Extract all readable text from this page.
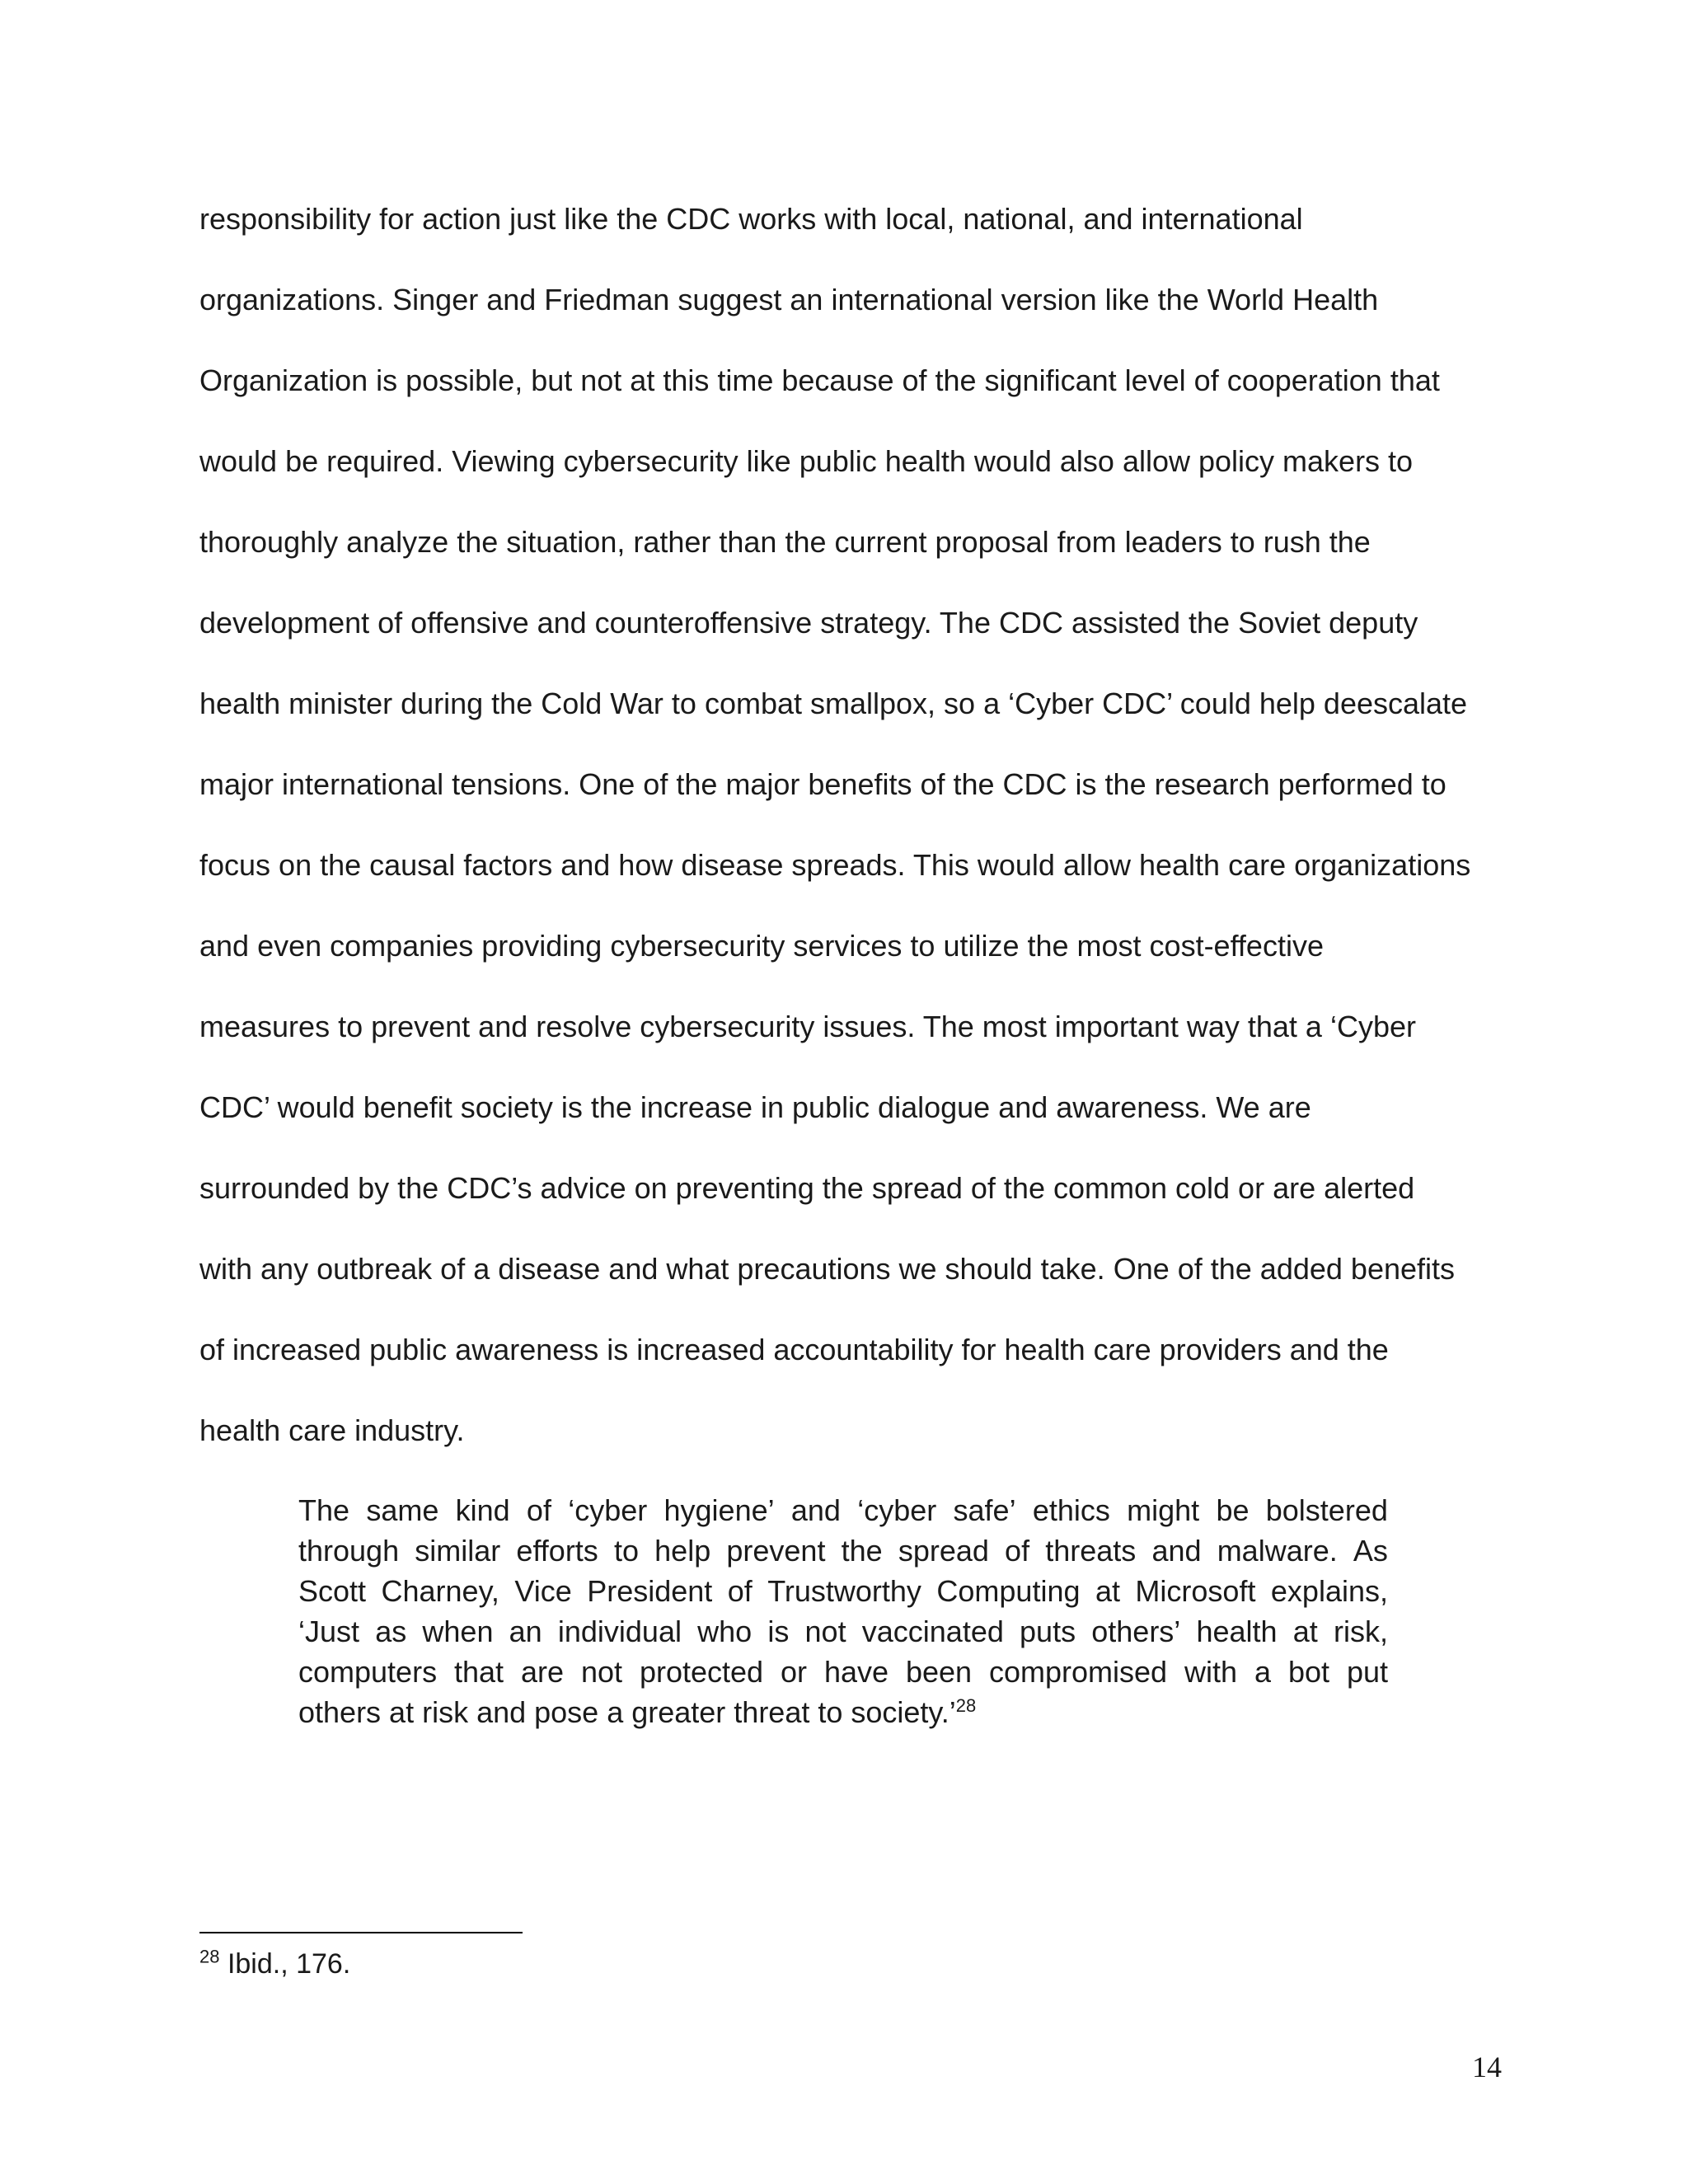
responsibility for action just like the CDC works with local, national, and international
organizations. Singer and Friedman suggest an international version like the World Health
Organization is possible, but not at this time because of the significant level of cooperation that
would be required. Viewing cybersecurity like public health would also allow policy makers to
thoroughly analyze the situation, rather than the current proposal from leaders to rush the
development of offensive and counteroffensive strategy. The CDC assisted the Soviet deputy
health minister during the Cold War to combat smallpox, so a ‘Cyber CDC’ could help deescalate
major international tensions. One of the major benefits of the CDC is the research performed to
focus on the causal factors and how disease spreads. This would allow health care organizations
and even companies providing cybersecurity services to utilize the most cost-effective
measures to prevent and resolve cybersecurity issues. The most important way that a ‘Cyber
CDC’ would benefit society is the increase in public dialogue and awareness. We are
surrounded by the CDC’s advice on preventing the spread of the common cold or are alerted
with any outbreak of a disease and what precautions we should take. One of the added benefits
of increased public awareness is increased accountability for health care providers and the
health care industry.
The same kind of ‘cyber hygiene’ and ‘cyber safe’ ethics might be bolstered
through similar efforts to help prevent the spread of threats and malware. As
Scott Charney, Vice President of Trustworthy Computing at Microsoft explains,
‘Just as when an individual who is not vaccinated puts others’ health at risk,
computers that are not protected or have been compromised with a bot put
others at risk and pose a greater threat to society.’$^{28}$
$^{28}$ Ibid., 176.
14
